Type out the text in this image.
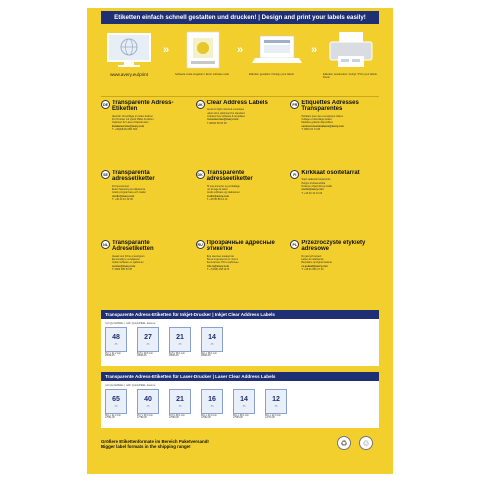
Etiketten einfach schnell gestalten und drucken! | Design and print your labels easily!
www.avery.eu/print
»
Software-Code eingeben / Enter software code
»
Etiketten gestalten / Design your labels
»
Etiketten ausdrucken. Fertig! / Print your labels. Done!
DE Transparente Adress-Etiketten
Ideal für Umschläge in hellen Farben
Für Drucker mit Quick PEEL Funktion
Optimiert für Laser-/Inkjetdrucker
kundenservice@avery.com
T: +49(0)8104 881 560
UK Clear Address Labels
Great for light coloured envelopes
Label sizes optimised for standard
Includes free software & templates
consumercare@avery.com
T: 08000 50 50 25
FR Étiquettes Adresses Transparentes
Parfaites pour des enveloppes claires
Collage et décollage faciles
Modèles gratuits disponibles
serviceconsommateurs@avery.com
T: 0800 94 74 08
SE Transparenta adressetiketter
För ljusa kuvert
Enkel hantering av etiketterna
Gratis programvara och mallar
nordic@avery.com
T: +46 20 10 10 06
DK Transparente adresseetiketter
Til lyse kuverter og emballage
Let at tage af arket
Gratis software og skabeloner
nordic@avery.com
T: +45 80 88 12 14
FI Kirkkaat osoitetarrat
Sopii vaaleisiin kirjekuoriin
Helppo irrottaa arkilta
Ilmainen ohjelmisto ja mallit
nordic@avery.com
T: +46 20 10 10 06
NL Transparante Adresetiketten
Ideaal voor lichte enveloppen
Eenvoudig te verwijderen
Gratis software en sjablonen
service@avery.com
T: 0800 095 53 95
RU Прозрачные адресные этикетки
Для светлых конвертов
Легко отделяются от листа
Бесплатное ПО и шаблоны
info.ru@avery.com
T: +7(495) 258 1474
PL Przezroczyste etykiety adresowe
Do jasnych kopert
Łatwe do odklejenia
Bezpłatne oprogramowanie
cs.poland@avery.com
T: +48 61 890 27 40
Transparente Adress-Etiketten für Inkjet-Drucker | Inkjet Clear Address Labels
mit QuickPEEL | with QuickPEEL feature
48
▭
45.7 x 21.2 mm
J8559-25
27
▭
63.5 x 29.6 mm
J8560-25
21
▭
63.5 x 38.1 mm
J8563-25
14
▭
99.1 x 38.1 mm
J8563-25
Transparente Adress-Etiketten für Laser-Drucker | Laser Clear Address Labels
mit QuickPEEL | with QuickPEEL feature
65
▭
38.1 x 21.2 mm
L7551-25
40
▭
45.7 x 25.4 mm
L7780-25
21
▭
63.5 x 38.1 mm
L7560-25
16
▭
99.1 x 34.0 mm
L7562-25
14
▭
99.1 x 38.1 mm
L7563-25
12
▭
99.1 x 42.3 mm
L4772-25
Größere Etikettenformate im Bereich Paketversand!
Bigger label formats in the shipping range!	♻	♲
